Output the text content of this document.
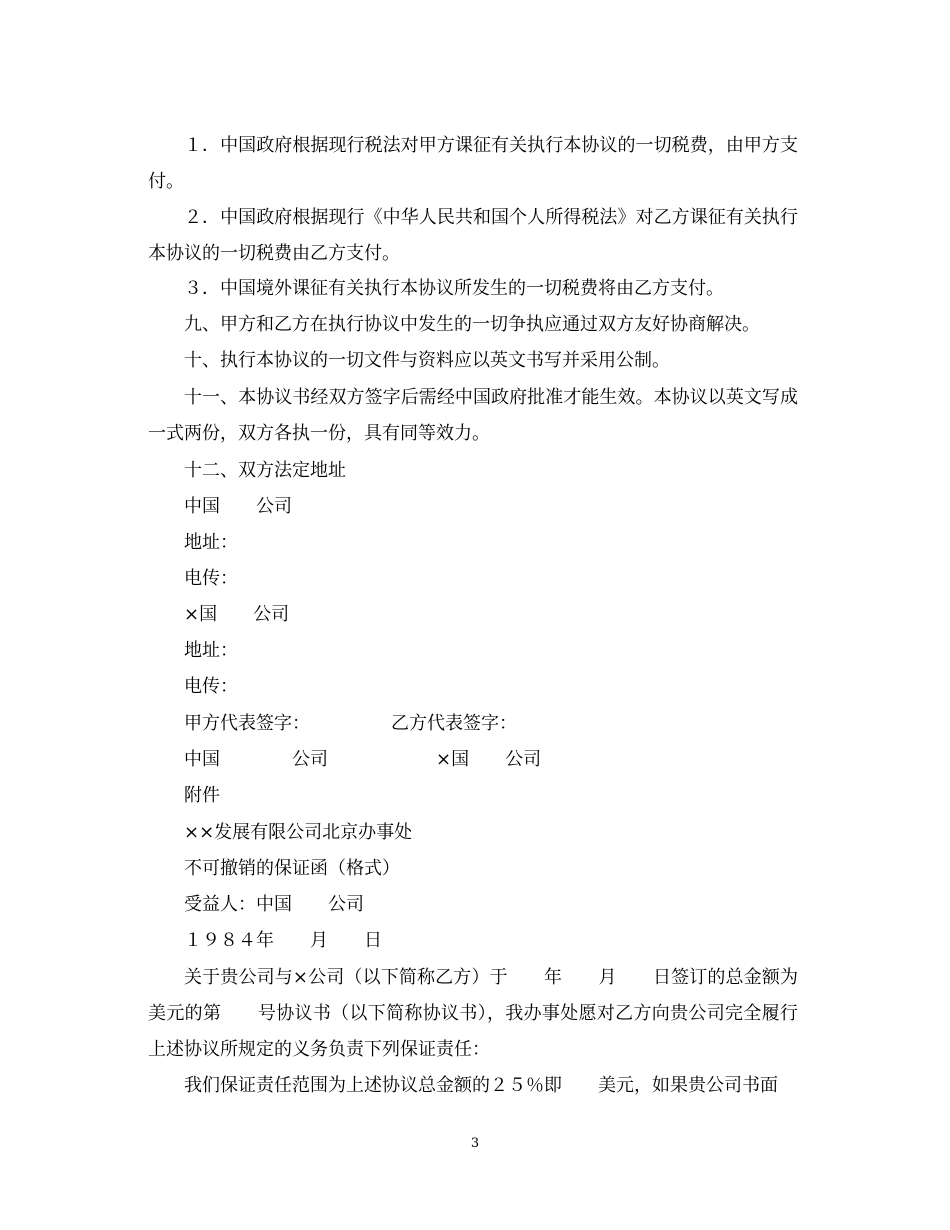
１．中国政府根据现行税法对甲方课征有关执行本协议的一切税费，由甲方支付。
２．中国政府根据现行《中华人民共和国个人所得税法》对乙方课征有关执行本协议的一切税费由乙方支付。
３．中国境外课征有关执行本协议所发生的一切税费将由乙方支付。
九、甲方和乙方在执行协议中发生的一切争执应通过双方友好协商解决。
十、执行本协议的一切文件与资料应以英文书写并采用公制。
十一、本协议书经双方签字后需经中国政府批准才能生效。本协议以英文写成一式两份，双方各执一份，具有同等效力。
十二、双方法定地址
中国　　公司
地址：
电传：
×国　　公司
地址：
电传：
甲方代表签字：　　　　　乙方代表签字：
中国　　　　公司　　　　　　×国　　公司
附件
××发展有限公司北京办事处
不可撤销的保证函（格式）
受益人：中国　　公司
１９８４年　　月　　日
关于贵公司与×公司（以下简称乙方）于　　年　　月　　日签订的总金额为　　美元的第　　号协议书（以下简称协议书），我办事处愿对乙方向贵公司完全履行上述协议所规定的义务负责下列保证责任：
我们保证责任范围为上述协议总金额的２５％即　　美元，如果贵公司书面
3
